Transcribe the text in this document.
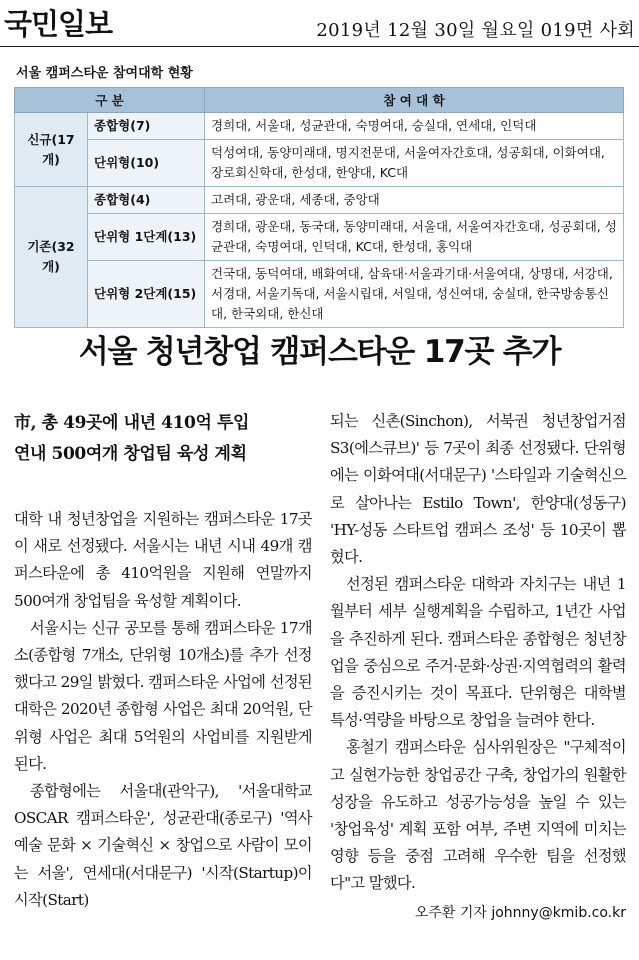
국민일보	2019년 12월 30일 월요일 019면 사회
서울 캠퍼스타운 참여대학 현황
구 분		참 여 대 학
신규(17개)	종합형(7)	경희대, 서울대, 성균관대, 숙명여대, 숭실대, 연세대, 인덕대
	단위형(10)	덕성여대, 동양미래대, 명지전문대, 서울여자간호대, 성공회대, 이화여대, 장로회신학대, 한성대, 한양대, KC대
기존(32개)	종합형(4)	고려대, 광운대, 세종대, 중앙대
	단위형 1단계(13)	경희대, 광운대, 동국대, 동양미래대, 서울대, 서울여자간호대, 성공회대, 성균관대, 숙명여대, 인덕대, KC대, 한성대, 홍익대
	단위형 2단계(15)	건국대, 동덕여대, 배화여대, 삼육대·서울과기대·서울여대, 상명대, 서강대, 서경대, 서울기독대, 서울시립대, 서일대, 성신여대, 숭실대, 한국방송통신대, 한국외대, 한신대
서울 청년창업 캠퍼스타운 17곳 추가
市, 총 49곳에 내년 410억 투입
연내 500여개 창업팀 육성 계획

대학 내 청년창업을 지원하는 캠퍼스타운 17곳이 새로 선정됐다. 서울시는 내년 시내 49개 캠퍼스타운에 총 410억원을 지원해 연말까지 500여개 창업팀을 육성할 계획이다.

서울시는 신규 공모를 통해 캠퍼스타운 17개소(종합형 7개소, 단위형 10개소)를 추가 선정했다고 29일 밝혔다. 캠퍼스타운 사업에 선정된 대학은 2020년 종합형 사업은 최대 20억원, 단위형 사업은 최대 5억원의 사업비를 지원받게 된다.

종합형에는 서울대(관악구), '서울대학교 OSCAR 캠퍼스타운', 성균관대(종로구) '역사 예술 문화 × 기술혁신 × 창업으로 사람이 모이는 서울', 연세대(서대문구) '시작(Startup)이 시작(Start)

되는 신촌(Sinchon), 서북권 청년창업거점 S3(에스큐브)' 등 7곳이 최종 선정됐다. 단위형에는 이화여대(서대문구) '스타일과 기술혁신으로 살아나는 Estilo Town', 한양대(성동구) 'HY-성동 스타트업 캠퍼스 조성' 등 10곳이 뽑혔다.

선정된 캠퍼스타운 대학과 자치구는 내년 1월부터 세부 실행계획을 수립하고, 1년간 사업을 추진하게 된다. 캠퍼스타운 종합형은 청년창업을 중심으로 주거·문화·상권·지역협력의 활력을 증진시키는 것이 목표다. 단위형은 대학별 특성·역량을 바탕으로 창업을 늘려야 한다.

홍철기 캠퍼스타운 심사위원장은 "구체적이고 실현가능한 창업공간 구축, 창업가의 원활한 성장을 유도하고 성공가능성을 높일 수 있는 '창업육성' 계획 포함 여부, 주변 지역에 미치는 영향 등을 중점 고려해 우수한 팀을 선정했다"고 말했다.

오주환 기자 johnny@kmib.co.kr
